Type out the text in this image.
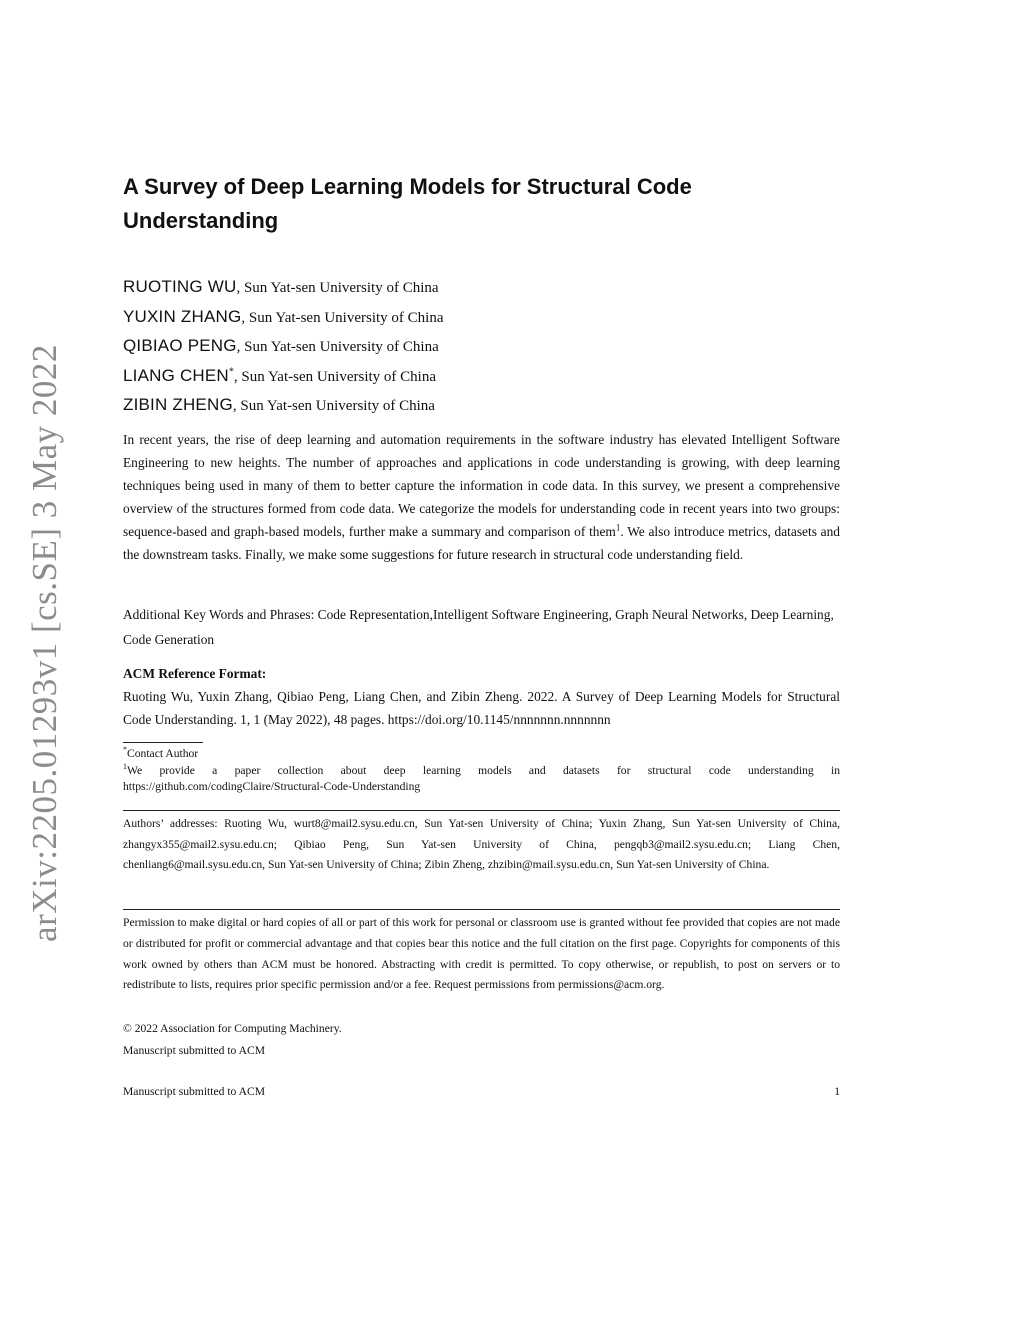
arXiv:2205.01293v1 [cs.SE] 3 May 2022
A Survey of Deep Learning Models for Structural Code Understanding
RUOTING WU, Sun Yat-sen University of China
YUXIN ZHANG, Sun Yat-sen University of China
QIBIAO PENG, Sun Yat-sen University of China
LIANG CHEN*, Sun Yat-sen University of China
ZIBIN ZHENG, Sun Yat-sen University of China

In recent years, the rise of deep learning and automation requirements in the software industry has elevated Intelligent Software Engineering to new heights. The number of approaches and applications in code understanding is growing, with deep learning techniques being used in many of them to better capture the information in code data. In this survey, we present a comprehensive overview of the structures formed from code data. We categorize the models for understanding code in recent years into two groups: sequence-based and graph-based models, further make a summary and comparison of them$^1$. We also introduce metrics, datasets and the downstream tasks. Finally, we make some suggestions for future research in structural code understanding field.

Additional Key Words and Phrases: Code Representation,Intelligent Software Engineering, Graph Neural Networks, Deep Learning, Code Generation

ACM Reference Format:

Ruoting Wu, Yuxin Zhang, Qibiao Peng, Liang Chen, and Zibin Zheng. 2022. A Survey of Deep Learning Models for Structural Code Understanding. 1, 1 (May 2022), 48 pages. https://doi.org/10.1145/nnnnnnn.nnnnnnn

*Contact Author

$^1$We provide a paper collection about deep learning models and datasets for structural code understanding in

https://github.com/codingClaire/Structural-Code-Understanding

Authors’ addresses: Ruoting Wu, wurt8@mail2.sysu.edu.cn, Sun Yat-sen University of China; Yuxin Zhang, Sun Yat-sen University of China, zhangyx355@mail2.sysu.edu.cn; Qibiao Peng, Sun Yat-sen University of China, pengqb3@mail2.sysu.edu.cn; Liang Chen, chenliang6@mail.sysu.edu.cn, Sun Yat-sen University of China; Zibin Zheng, zhzibin@mail.sysu.edu.cn, Sun Yat-sen University of China.

Permission to make digital or hard copies of all or part of this work for personal or classroom use is granted without fee provided that copies are not made or distributed for profit or commercial advantage and that copies bear this notice and the full citation on the first page. Copyrights for components of this work owned by others than ACM must be honored. Abstracting with credit is permitted. To copy otherwise, or republish, to post on servers or to redistribute to lists, requires prior specific permission and/or a fee. Request permissions from permissions@acm.org.

© 2022 Association for Computing Machinery.

Manuscript submitted to ACM

Manuscript submitted to ACM	1
